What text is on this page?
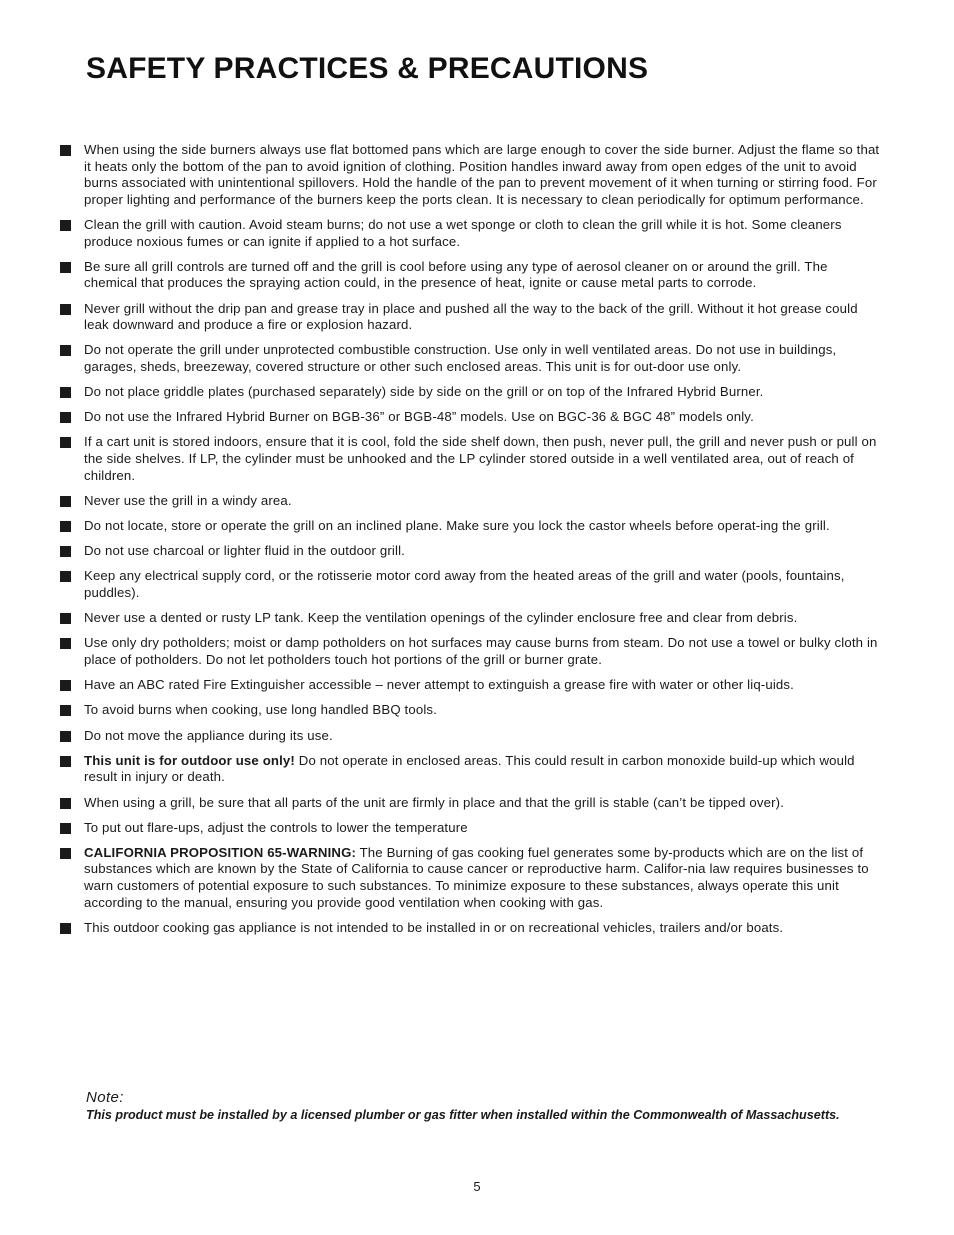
SAFETY PRACTICES & PRECAUTIONS
When using the side burners always use flat bottomed pans which are large enough to cover the side burner. Adjust the flame so that it heats only the bottom of the pan to avoid ignition of clothing. Position handles inward away from open edges of the unit to avoid burns associated with unintentional spillovers. Hold the handle of the pan to prevent movement of it when turning or stirring food. For proper lighting and performance of the burners keep the ports clean. It is necessary to clean periodically for optimum performance.
Clean the grill with caution. Avoid steam burns; do not use a wet sponge or cloth to clean the grill while it is hot. Some cleaners produce noxious fumes or can ignite if applied to a hot surface.
Be sure all grill controls are turned off and the grill is cool before using any type of aerosol cleaner on or around the grill. The chemical that produces the spraying action could, in the presence of heat, ignite or cause metal parts to corrode.
Never grill without the drip pan and grease tray in place and pushed all the way to the back of the grill. Without it hot grease could leak downward and produce a fire or explosion hazard.
Do not operate the grill under unprotected combustible construction. Use only in well ventilated areas. Do not use in buildings, garages, sheds, breezeway, covered structure or other such enclosed areas. This unit is for out-door use only.
Do not place griddle plates (purchased separately) side by side on the grill or on top of the Infrared Hybrid Burner.
Do not use the Infrared Hybrid Burner on BGB-36” or BGB-48” models. Use on BGC-36 & BGC 48” models only.
If a cart unit is stored indoors, ensure that it is cool, fold the side shelf down, then push, never pull, the grill and never push or pull on the side shelves. If LP, the cylinder must be unhooked and the LP cylinder stored outside in a well ventilated area, out of reach of children.
Never use the grill in a windy area.
Do not locate, store or operate the grill on an inclined plane. Make sure you lock the castor wheels before operat-ing the grill.
Do not use charcoal or lighter fluid in the outdoor grill.
Keep any electrical supply cord, or the rotisserie motor cord away from the heated areas of the grill and water (pools, fountains, puddles).
Never use a dented or rusty LP tank. Keep the ventilation openings of the cylinder enclosure free and clear from debris.
Use only dry potholders; moist or damp potholders on hot surfaces may cause burns from steam. Do not use a towel or bulky cloth in place of potholders. Do not let potholders touch hot portions of the grill or burner grate.
Have an ABC rated Fire Extinguisher accessible – never attempt to extinguish a grease fire with water or other liq-uids.
To avoid burns when cooking, use long handled BBQ tools.
Do not move the appliance during its use.
This unit is for outdoor use only! Do not operate in enclosed areas. This could result in carbon monoxide build-up which would result in injury or death.
When using a grill, be sure that all parts of the unit are firmly in place and that the grill is stable (can’t be tipped over).
To put out flare-ups, adjust the controls to lower the temperature
CALIFORNIA PROPOSITION 65-WARNING: The Burning of gas cooking fuel generates some by-products which are on the list of substances which are known by the State of California to cause cancer or reproductive harm. Califor-nia law requires businesses to warn customers of potential exposure to such substances. To minimize exposure to these substances, always operate this unit according to the manual, ensuring you provide good ventilation when cooking with gas.
This outdoor cooking gas appliance is not intended to be installed in or on recreational vehicles, trailers and/or boats.

Note:

This product must be installed by a licensed plumber or gas fitter when installed within the Commonwealth of Massachusetts.

5
